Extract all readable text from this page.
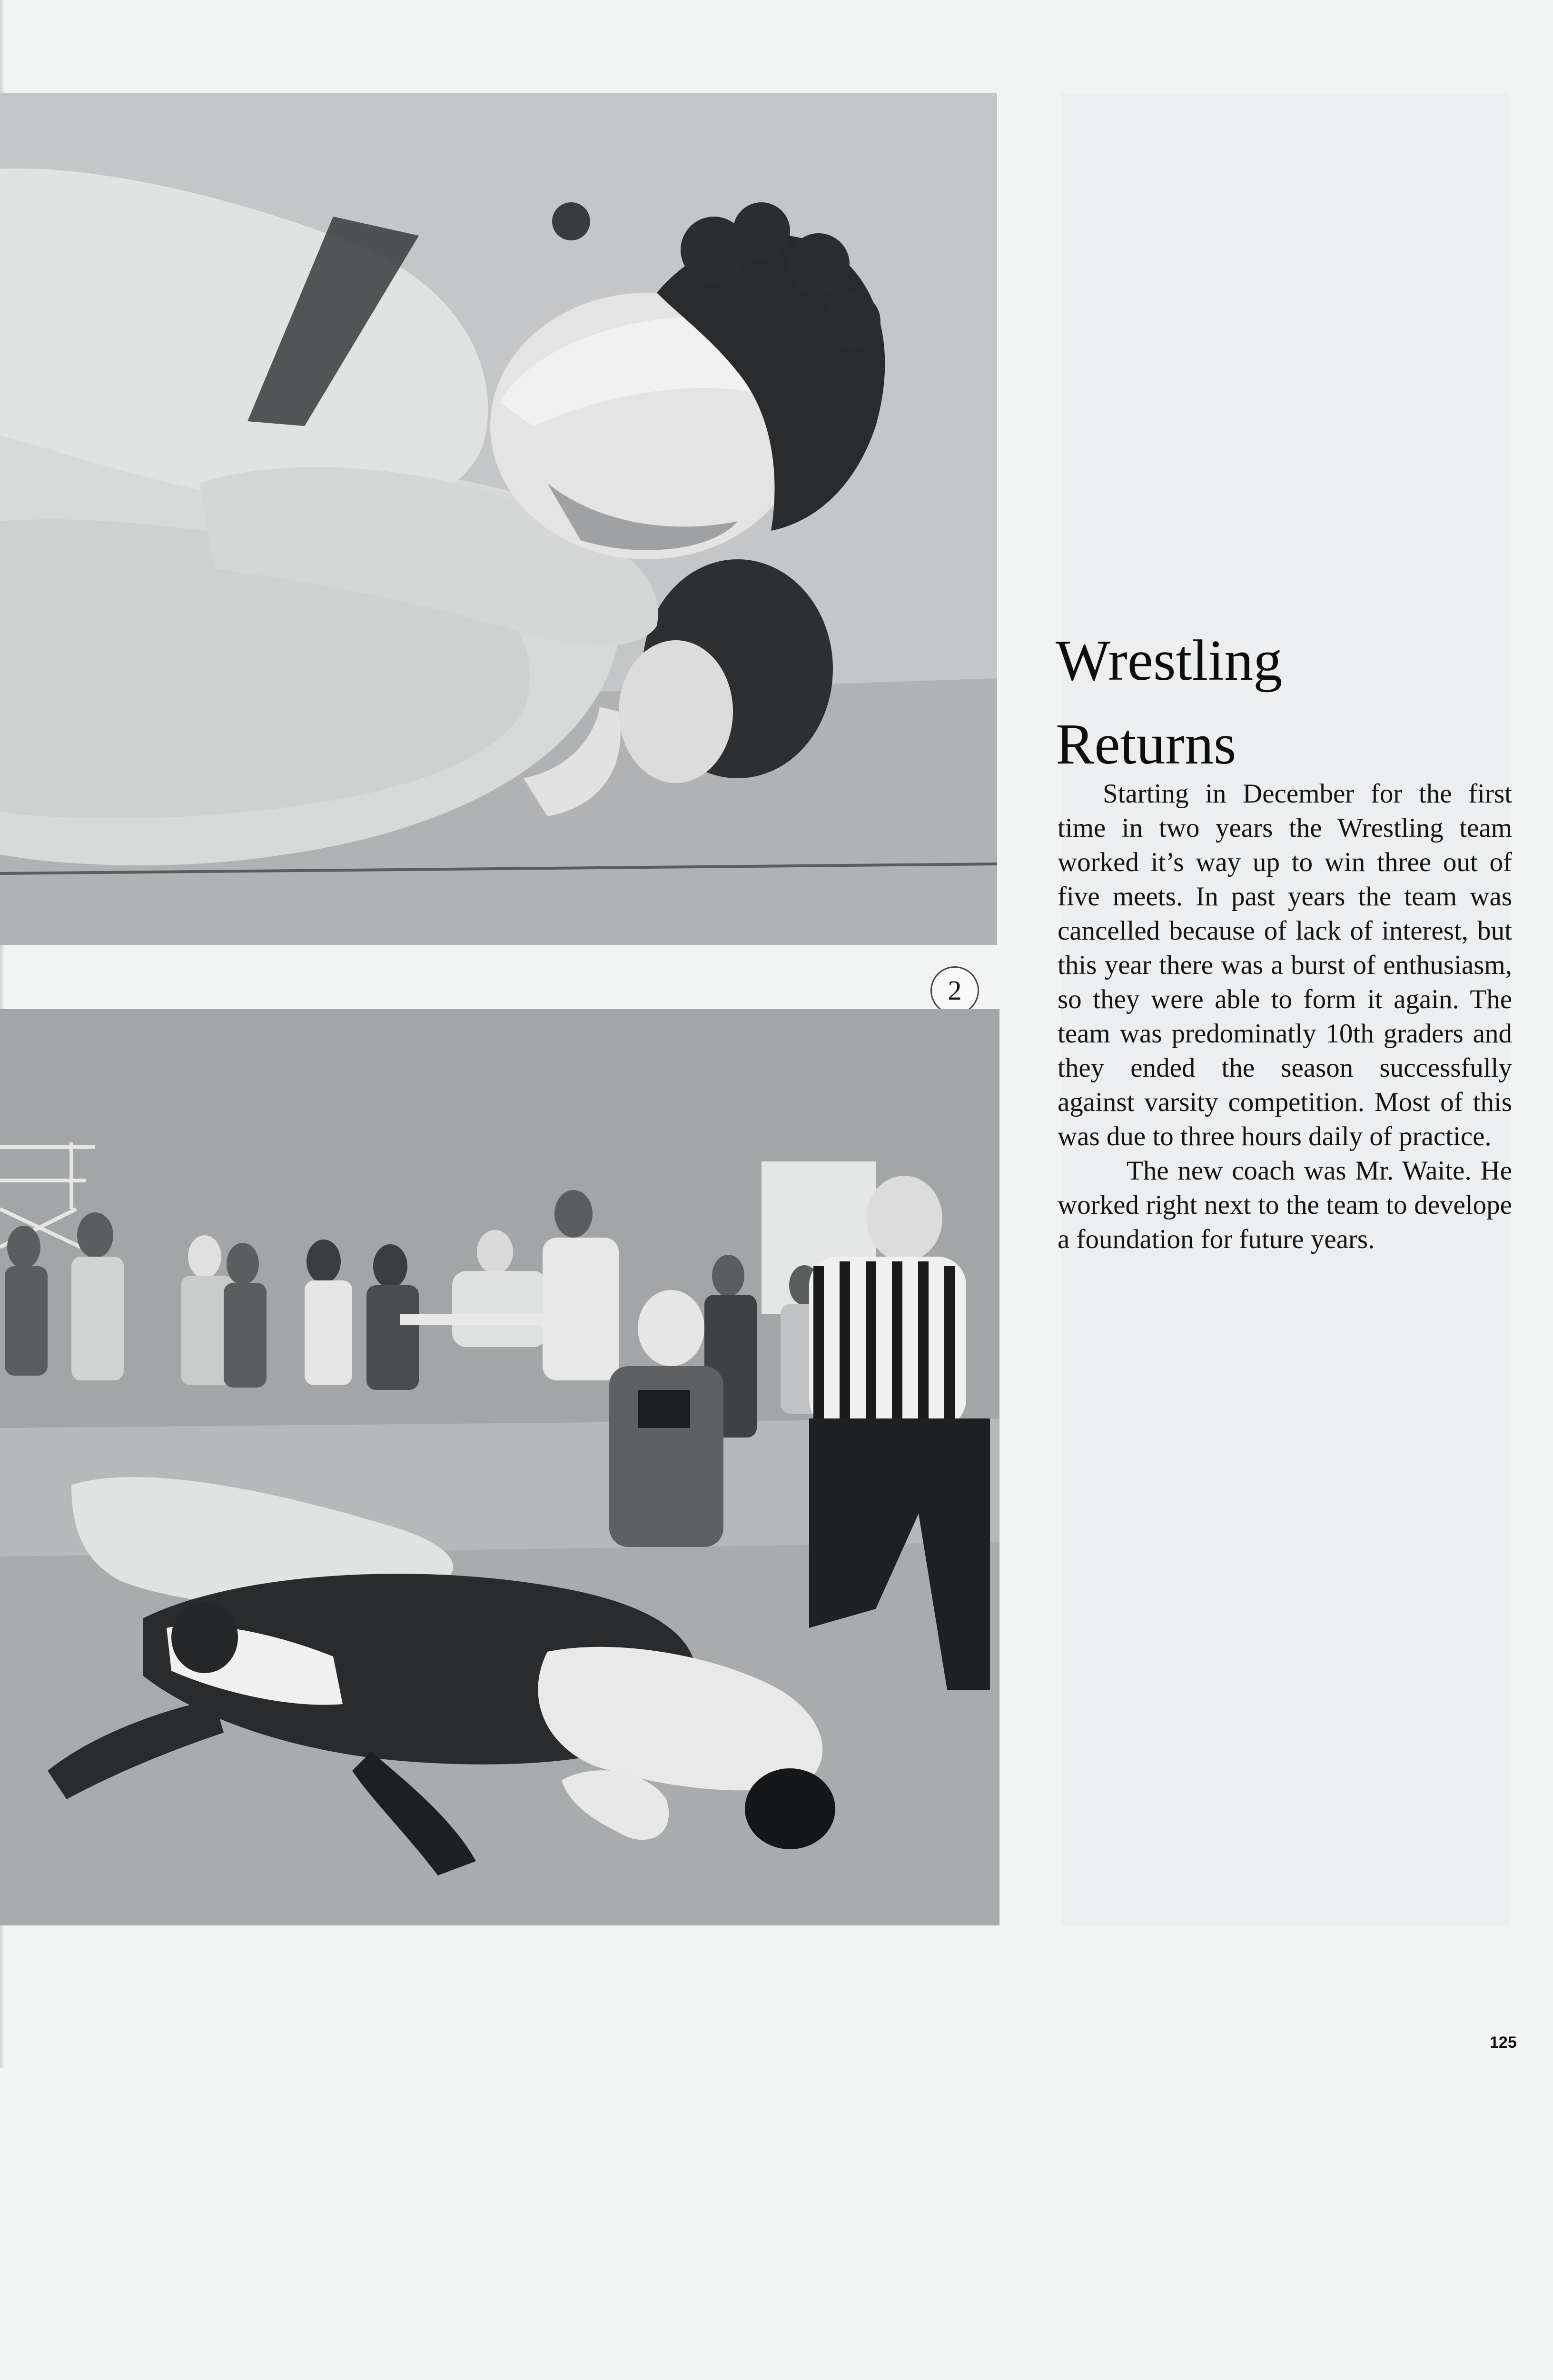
2
Wrestling
Returns

Starting in December for the first time in two years the Wrestling team worked it’s way up to win three out of five meets. In past years the team was cancelled because of lack of interest, but this year there was a burst of enthusiasm, so they were able to form it again. The team was predominatly 10th graders and they ended the season successfully against varsity competition. Most of this was due to three hours daily of practice.

The new coach was Mr. Waite. He worked right next to the team to develope a foundation for future years.

125
